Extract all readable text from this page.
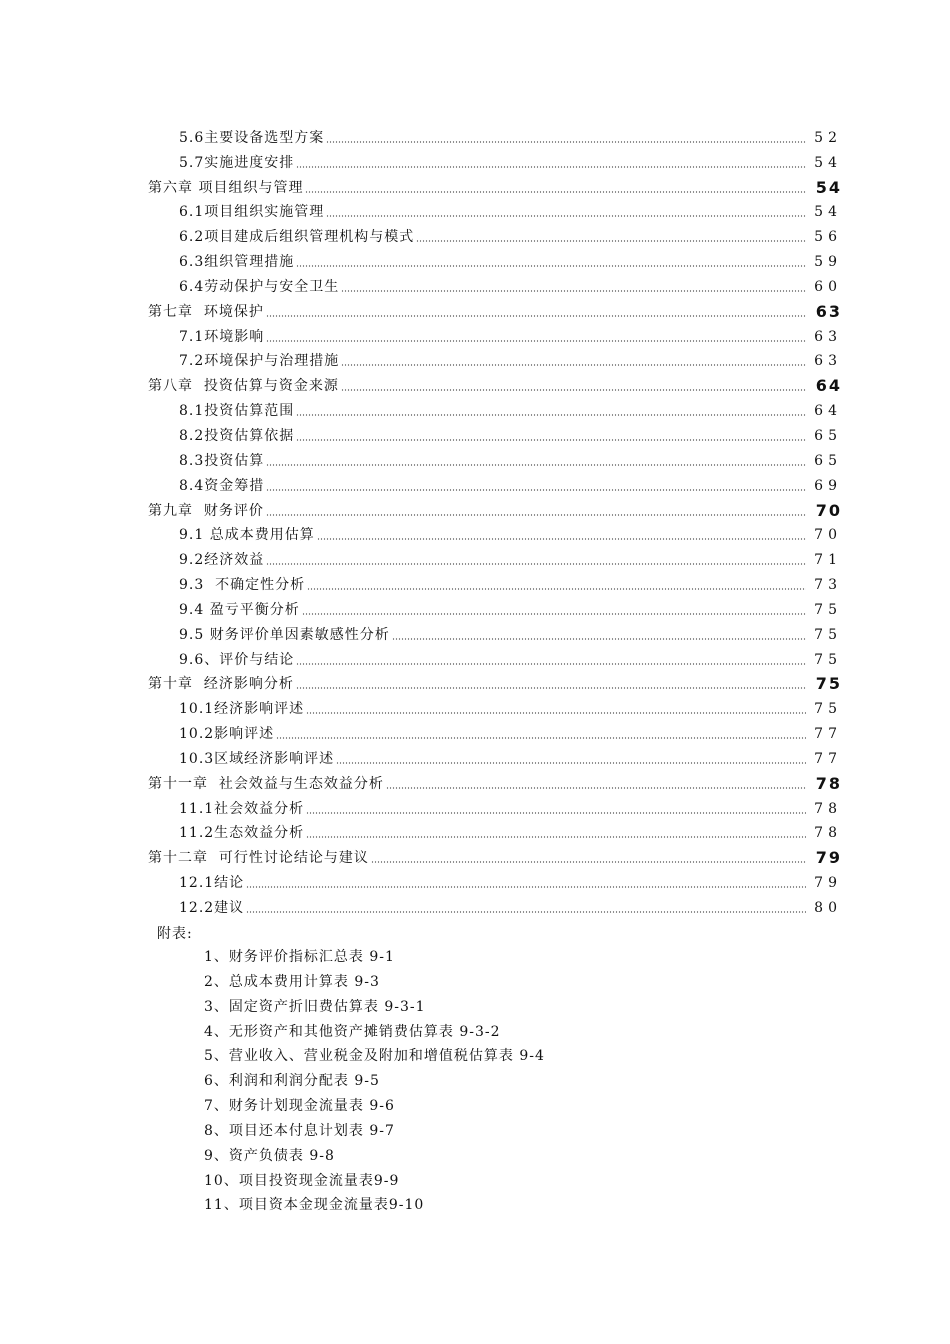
5.6主要设备选型方案	52
5.7实施进度安排	54
第六章 项目组织与管理	54
6.1项目组织实施管理	54
6.2项目建成后组织管理机构与模式	56
6.3组织管理措施	59
6.4劳动保护与安全卫生	60
第七章  环境保护	63
7.1环境影响	63
7.2环境保护与治理措施	63
第八章  投资估算与资金来源	64
8.1投资估算范围	64
8.2投资估算依据	65
8.3投资估算	65
8.4资金筹措	69
第九章  财务评价	70
9.1 总成本费用估算	70
9.2经济效益	71
9.3  不确定性分析	73
9.4 盈亏平衡分析	75
9.5 财务评价单因素敏感性分析	75
9.6、评价与结论	75
第十章  经济影响分析	75
10.1经济影响评述	75
10.2影响评述	77
10.3区域经济影响评述	77
第十一章  社会效益与生态效益分析	78
11.1社会效益分析	78
11.2生态效益分析	78
第十二章  可行性讨论结论与建议	79
12.1结论	79
12.2建议	80
附表:
1、财务评价指标汇总表 9-1
2、总成本费用计算表 9-3
3、固定资产折旧费估算表 9-3-1
4、无形资产和其他资产摊销费估算表 9-3-2
5、营业收入、营业税金及附加和增值税估算表 9-4
6、利润和利润分配表 9-5
7、财务计划现金流量表 9-6
8、项目还本付息计划表 9-7
9、资产负债表 9-8
10、项目投资现金流量表9-9
11、项目资本金现金流量表9-10
